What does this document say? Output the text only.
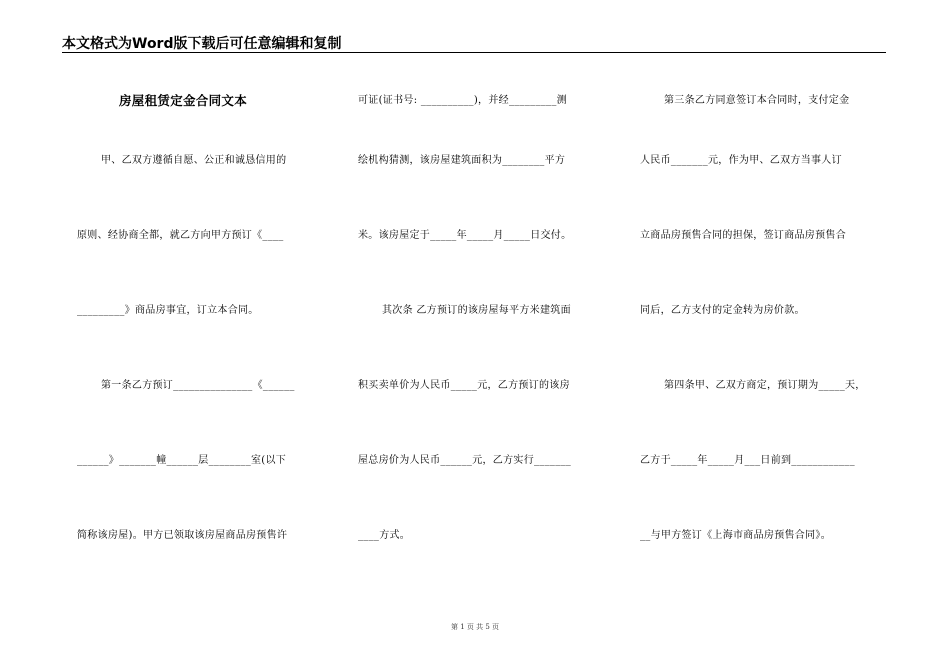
本文格式为Word版下载后可任意编辑和复制
房屋租赁定金合同文本
甲、乙双方遵循自愿、公正和诚恳信用的
原则、经协商全都，就乙方向甲方预订《____
_________》商品房事宜，订立本合同。
第一条乙方预订_______________《______
______》_______幢______层________室(以下
简称该房屋)。甲方已领取该房屋商品房预售许
可证(证书号: __________)，并经_________测
绘机构猜测，该房屋建筑面积为________平方
米。该房屋定于_____年_____月_____日交付。
其次条 乙方预订的该房屋每平方米建筑面
积买卖单价为人民币_____元，乙方预订的该房
屋总房价为人民币______元，乙方实行_______
____方式。
第三条乙方同意签订本合同时，支付定金
人民币_______元，作为甲、乙双方当事人订
立商品房预售合同的担保，签订商品房预售合
同后，乙方支付的定金转为房价款。
第四条甲、乙双方商定，预订期为_____天，
乙方于_____年_____月___日前到____________
__与甲方签订《上海市商品房预售合同》。
第 1 页 共 5 页
